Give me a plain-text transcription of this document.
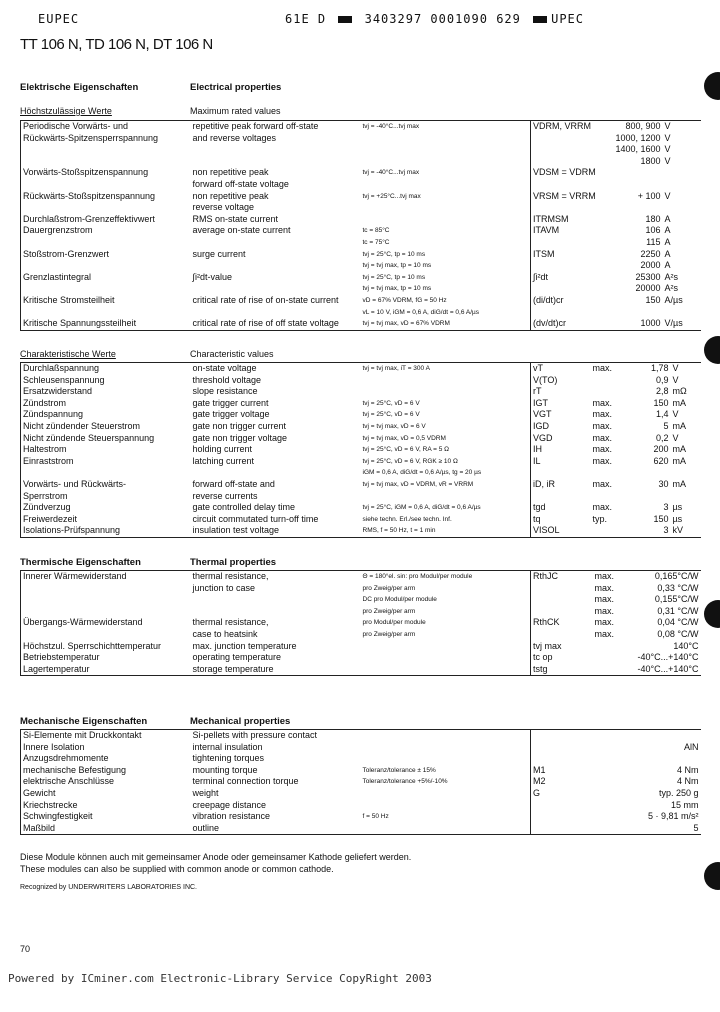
EUPEC	61E D	3403297 0001090 629	UPEC
TT 106 N, TD 106 N, DT 106 N
Elektrische Eigenschaften	Electrical properties
Höchstzulässige Werte	Maximum rated values
Periodische Vorwärts- und	repetitive peak forward off-state	tvj = -40°C...tvj max	VDRM, VRRM	800, 900	V
Rückwärts-Spitzensperrspannung	and reverse voltages			1000, 1200	V
				1400, 1600	V
				1800	V
Vorwärts-Stoßspitzenspannung	non repetitive peak	tvj = -40°C...tvj max	VDSM = VDRM		
	forward off-state voltage				
Rückwärts-Stoßspitzenspannung	non repetitive peak	tvj = +25°C...tvj max	VRSM = VRRM	+ 100	V
	reverse voltage				
Durchlaßstrom-Grenzeffektivwert	RMS on-state current		ITRMSM	180	A
Dauergrenzstrom	average on-state current	tc = 85°C	ITAVM	106	A
		tc = 75°C		115	A
Stoßstrom-Grenzwert	surge current	tvj = 25°C, tp = 10 ms	ITSM	2250	A
		tvj = tvj max, tp = 10 ms		2000	A
Grenzlastintegral	∫i²dt-value	tvj = 25°C, tp = 10 ms	∫i²dt	25300	A²s
		tvj = tvj max, tp = 10 ms		20000	A²s
Kritische Stromsteilheit	critical rate of rise of on-state current	vD = 67% VDRM, fG = 50 Hz	(di/dt)cr	150	A/µs
		vL = 10 V, iGM = 0,6 A, diG/dt = 0,6 A/µs			
Kritische Spannungssteilheit	critical rate of rise of off state voltage	tvj = tvj max, vD = 67% VDRM	(dv/dt)cr	1000	V/µs
Charakteristische Werte	Characteristic values
Durchlaßspannung	on-state voltage	tvj = tvj max, iT = 300 A	vT	max.	1,78	V
Schleusenspannung	threshold voltage		V(TO)		0,9	V
Ersatzwiderstand	slope resistance		rT		2,8	mΩ
Zündstrom	gate trigger current	tvj = 25°C, vD = 6 V	IGT	max.	150	mA
Zündspannung	gate trigger voltage	tvj = 25°C, vD = 6 V	VGT	max.	1,4	V
Nicht zündender Steuerstrom	gate non trigger current	tvj = tvj max, vD = 6 V	IGD	max.	5	mA
Nicht zündende Steuerspannung	gate non trigger voltage	tvj = tvj max, vD = 0,5 VDRM	VGD	max.	0,2	V
Haltestrom	holding current	tvj = 25°C, vD = 6 V, RA = 5 Ω	IH	max.	200	mA
Einraststrom	latching current	tvj = 25°C, vD = 6 V, RGK ≥ 10 Ω	IL	max.	620	mA
		iGM = 0,6 A, diG/dt = 0,6 A/µs, tg = 20 µs				
Vorwärts- und Rückwärts-	forward off-state and	tvj = tvj max, vD = VDRM, vR = VRRM	iD, iR	max.	30	mA
Sperrstrom	reverse currents					
Zündverzug	gate controlled delay time	tvj = 25°C, iGM = 0,6 A, diG/dt = 0,6 A/µs	tgd	max.	3	µs
Freiwerdezeit	circuit commutated turn-off time	siehe techn. Erl./see techn. Inf.	tq	typ.	150	µs
Isolations-Prüfspannung	insulation test voltage	RMS, f = 50 Hz, t = 1 min	VISOL		3	kV
Thermische Eigenschaften	Thermal properties
Innerer Wärmewiderstand	thermal resistance,	Θ = 180°el. sin: pro Modul/per module	RthJC	max.	0,165°C/W
	junction to case	pro Zweig/per arm		max.	0,33 °C/W
		DC pro Modul/per module		max.	0,155°C/W
		pro Zweig/per arm		max.	0,31 °C/W

Übergangs-Wärmewiderstand	thermal resistance,	pro Modul/per module	RthCK	max.	0,04 °C/W
	case to heatsink	pro Zweig/per arm		max.	0,08 °C/W

Höchstzul. Sperrschichttemperatur	max. junction temperature		tvj max		140°C
Betriebstemperatur	operating temperature		tc op		-40°C...+140°C
Lagertemperatur	storage temperature		tstg		-40°C...+140°C
Mechanische Eigenschaften	Mechanical properties
Si-Elemente mit Druckkontakt	Si-pellets with pressure contact			
Innere Isolation	internal insulation			AlN
Anzugsdrehmomente	tightening torques			
mechanische Befestigung	mounting torque	Toleranz/tolerance ± 15%	M1	4 Nm
elektrische Anschlüsse	terminal connection torque	Toleranz/tolerance +5%/-10%	M2	4 Nm
Gewicht	weight		G	typ. 250 g
Kriechstrecke	creepage distance			15 mm
Schwingfestigkeit	vibration resistance	f = 50 Hz		5 · 9,81 m/s²
Maßbild	outline			5
Diese Module können auch mit gemeinsamer Anode oder gemeinsamer Kathode geliefert werden.
These modules can also be supplied with common anode or common cathode.
Recognized by UNDERWRITERS LABORATORIES INC.
70
Powered by ICminer.com Electronic-Library Service CopyRight 2003
